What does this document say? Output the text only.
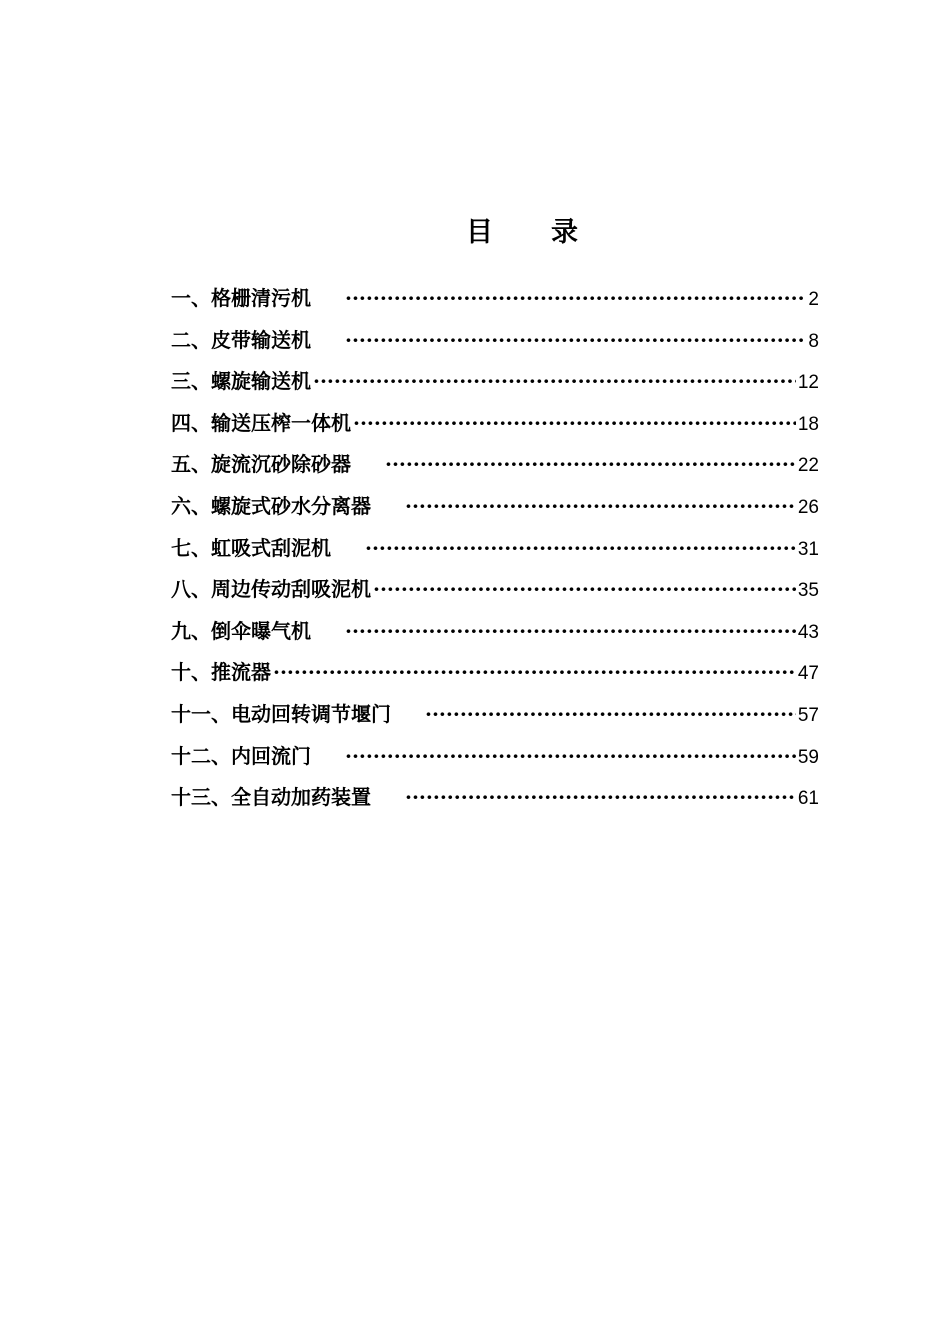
目 录
一、格栅清污机 ·····	2
二、皮带输送机 ·····	8
三、螺旋输送机 ·····	12
四、输送压榨一体机 ·····	18
五、旋流沉砂除砂器 ·····	22
六、螺旋式砂水分离器 ·····	26
七、虹吸式刮泥机 ·····	31
八、周边传动刮吸泥机 ·····	35
九、倒伞曝气机 ·····	43
十、推流器 ·····	47
十一、电动回转调节堰门 ·····	57
十二、内回流门 ·····	59
十三、全自动加药装置 ·····	61
